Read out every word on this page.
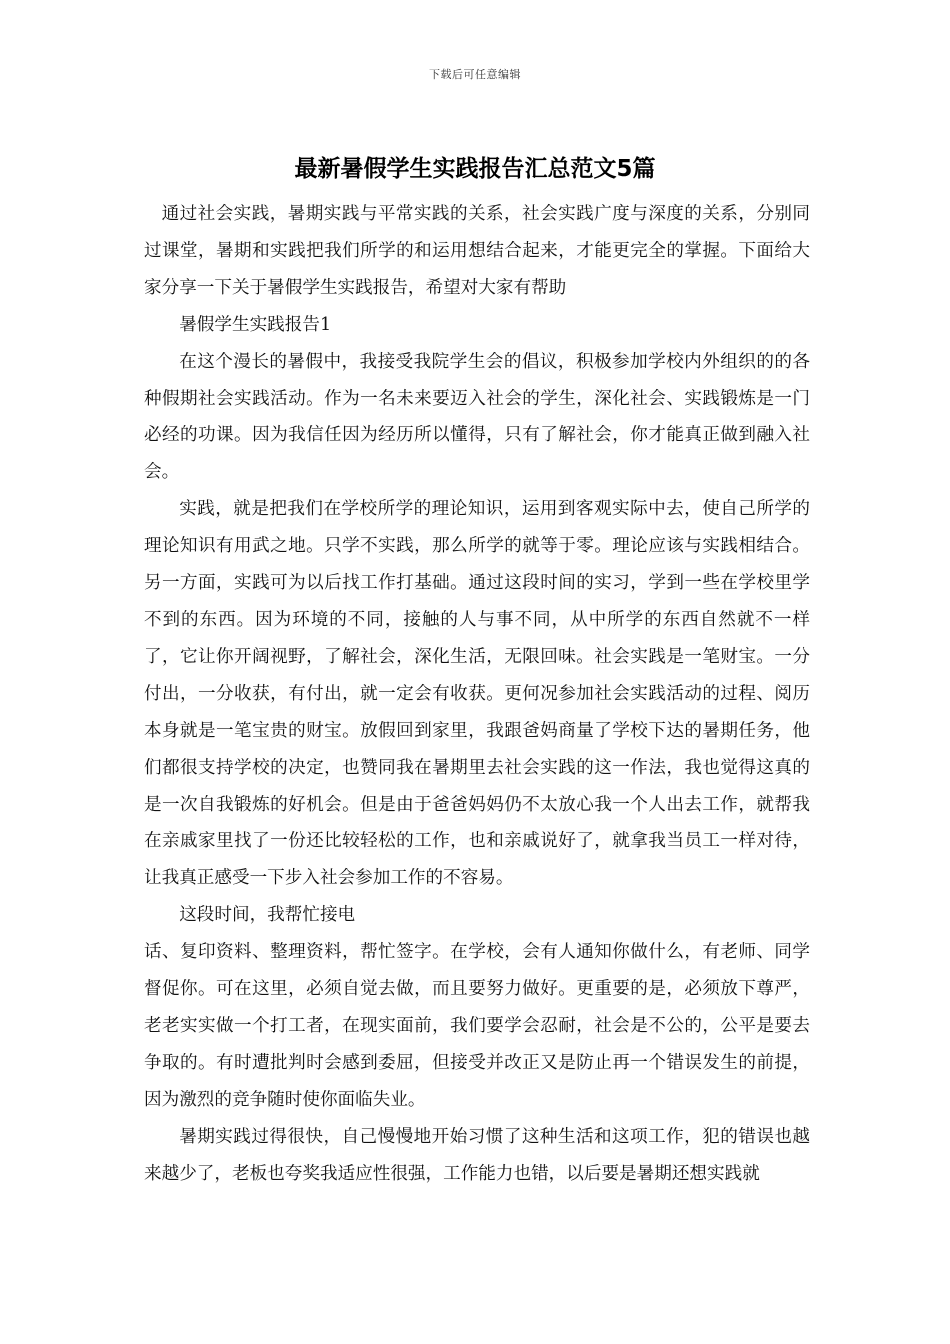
下载后可任意编辑
最新暑假学生实践报告汇总范文5篇

通过社会实践，暑期实践与平常实践的关系，社会实践广度与深度的关系，分别同过课堂，暑期和实践把我们所学的和运用想结合起来，才能更完全的掌握。下面给大家分享一下关于暑假学生实践报告，希望对大家有帮助

暑假学生实践报告1

在这个漫长的暑假中，我接受我院学生会的倡议，积极参加学校内外组织的的各种假期社会实践活动。作为一名未来要迈入社会的学生，深化社会、实践锻炼是一门必经的功课。因为我信任因为经历所以懂得，只有了解社会，你才能真正做到融入社会。

实践，就是把我们在学校所学的理论知识，运用到客观实际中去，使自己所学的理论知识有用武之地。只学不实践，那么所学的就等于零。理论应该与实践相结合。另一方面，实践可为以后找工作打基础。通过这段时间的实习，学到一些在学校里学不到的东西。因为环境的不同，接触的人与事不同，从中所学的东西自然就不一样了，它让你开阔视野，了解社会，深化生活，无限回味。社会实践是一笔财宝。一分付出，一分收获，有付出，就一定会有收获。更何况参加社会实践活动的过程、阅历本身就是一笔宝贵的财宝。放假回到家里，我跟爸妈商量了学校下达的暑期任务，他们都很支持学校的决定，也赞同我在暑期里去社会实践的这一作法，我也觉得这真的是一次自我锻炼的好机会。但是由于爸爸妈妈仍不太放心我一个人出去工作，就帮我在亲戚家里找了一份还比较轻松的工作，也和亲戚说好了，就拿我当员工一样对待，让我真正感受一下步入社会参加工作的不容易。

这段时间，我帮忙接电

话、复印资料、整理资料，帮忙签字。在学校，会有人通知你做什么，有老师、同学督促你。可在这里，必须自觉去做，而且要努力做好。更重要的是，必须放下尊严，老老实实做一个打工者，在现实面前，我们要学会忍耐，社会是不公的，公平是要去争取的。有时遭批判时会感到委屈，但接受并改正又是防止再一个错误发生的前提，因为激烈的竞争随时使你面临失业。

暑期实践过得很快，自己慢慢地开始习惯了这种生活和这项工作，犯的错误也越来越少了，老板也夸奖我适应性很强，工作能力也错，以后要是暑期还想实践就
